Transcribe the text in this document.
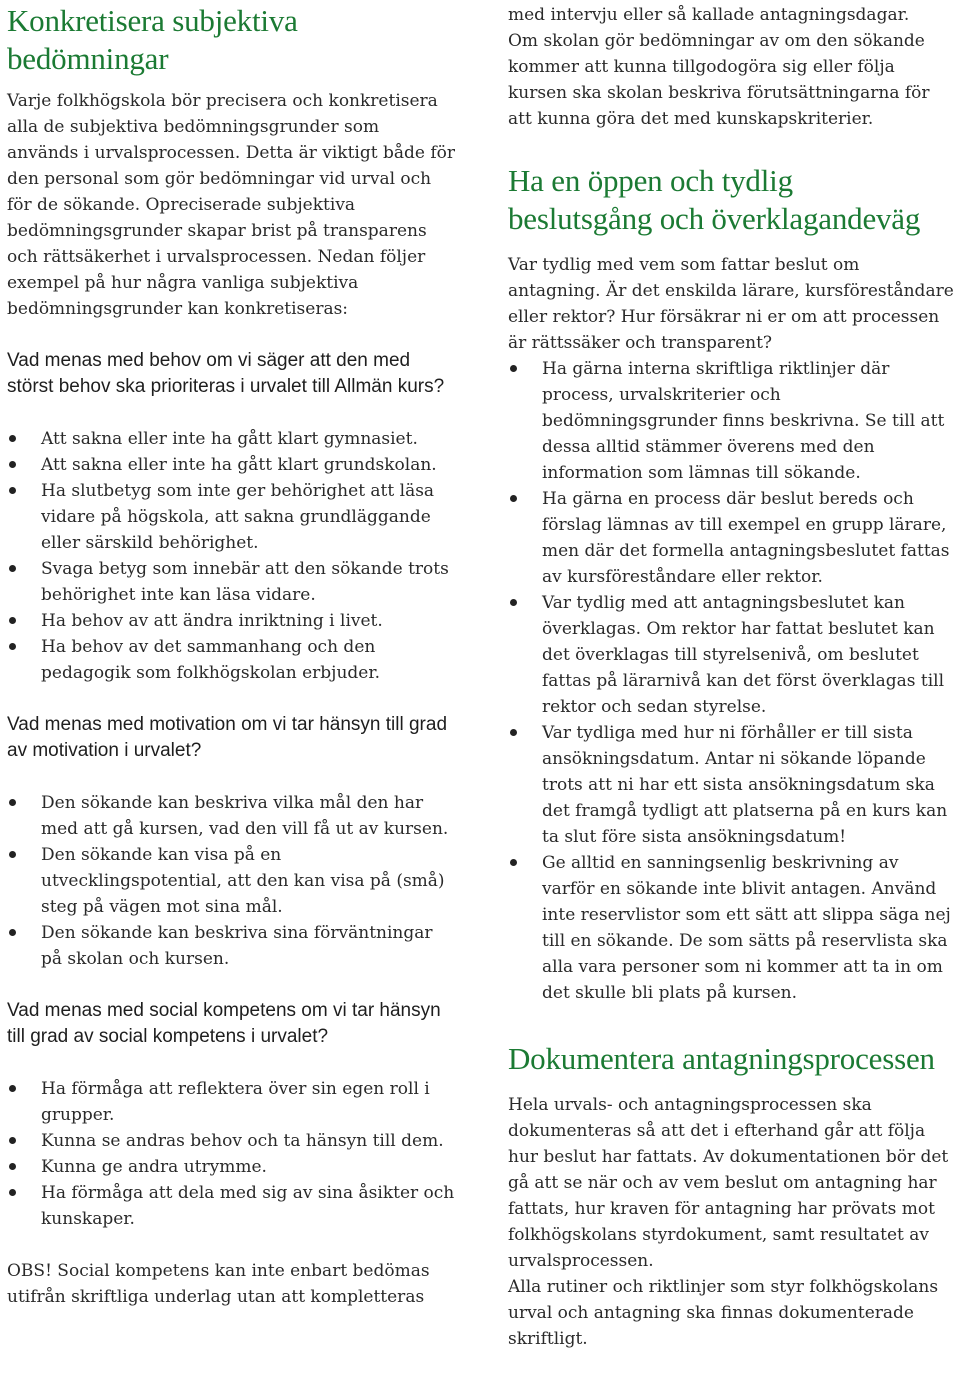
Konkretisera subjektiva bedömningar

Varje folkhögskola bör precisera och konkretisera alla de subjektiva bedömningsgrunder som används i urvalsprocessen. Detta är viktigt både för den personal som gör bedömningar vid urval och för de sökande. Opreciserade subjektiva bedömningsgrunder skapar brist på transparens och rättsäkerhet i urvalsprocessen. Nedan följer exempel på hur några vanliga subjektiva bedömningsgrunder kan konkretiseras:

Vad menas med behov om vi säger att den med störst behov ska prioriteras i urvalet till Allmän kurs?

Att sakna eller inte ha gått klart gymnasiet.
Att sakna eller inte ha gått klart grundskolan.
Ha slutbetyg som inte ger behörighet att läsa vidare på högskola, att sakna grundläggande eller särskild behörighet.
Svaga betyg som innebär att den sökande trots behörighet inte kan läsa vidare.
Ha behov av att ändra inriktning i livet.
Ha behov av det sammanhang och den pedagogik som folkhögskolan erbjuder.

Vad menas med motivation om vi tar hänsyn till grad av motivation i urvalet?

Den sökande kan beskriva vilka mål den har med att gå kursen, vad den vill få ut av kursen.
Den sökande kan visa på en utvecklingspotential, att den kan visa på (små) steg på vägen mot sina mål.
Den sökande kan beskriva sina förväntningar på skolan och kursen.

Vad menas med social kompetens om vi tar hänsyn till grad av social kompetens i urvalet?

Ha förmåga att reflektera över sin egen roll i grupper.
Kunna se andras behov och ta hänsyn till dem.
Kunna ge andra utrymme.
Ha förmåga att dela med sig av sina åsikter och kunskaper.

OBS! Social kompetens kan inte enbart bedömas utifrån skriftliga underlag utan att kompletteras

med intervju eller så kallade antagningsdagar.

Om skolan gör bedömningar av om den sökande kommer att kunna tillgodogöra sig eller följa kursen ska skolan beskriva förutsättningarna för att kunna göra det med kunskapskriterier.

Ha en öppen och tydlig beslutsgång och överklagandeväg

Var tydlig med vem som fattar beslut om antagning. Är det enskilda lärare, kursföreståndare eller rektor? Hur försäkrar ni er om att processen är rättssäker och transparent?

Ha gärna interna skriftliga riktlinjer där process, urvalskriterier och bedömningsgrunder finns beskrivna. Se till att dessa alltid stämmer överens med den information som lämnas till sökande.
Ha gärna en process där beslut bereds och förslag lämnas av till exempel en grupp lärare, men där det formella antagningsbeslutet fattas av kursföreståndare eller rektor.
Var tydlig med att antagningsbeslutet kan överklagas. Om rektor har fattat beslutet kan det överklagas till styrelsenivå, om beslutet fattas på lärarnivå kan det först överklagas till rektor och sedan styrelse.
Var tydliga med hur ni förhåller er till sista ansökningsdatum. Antar ni sökande löpande trots att ni har ett sista ansökningsdatum ska det framgå tydligt att platserna på en kurs kan ta slut före sista ansökningsdatum!
Ge alltid en sanningsenlig beskrivning av varför en sökande inte blivit antagen. Använd inte reservlistor som ett sätt att slippa säga nej till en sökande. De som sätts på reservlista ska alla vara personer som ni kommer att ta in om det skulle bli plats på kursen.
Dokumentera antagningsprocessen

Hela urvals- och antagningsprocessen ska dokumenteras så att det i efterhand går att följa hur beslut har fattats. Av dokumentationen bör det gå att se när och av vem beslut om antagning har fattats, hur kraven för antagning har prövats mot folkhögskolans styrdokument, samt resultatet av urvalsprocessen.

Alla rutiner och riktlinjer som styr folkhögskolans urval och antagning ska finnas dokumenterade skriftligt.
